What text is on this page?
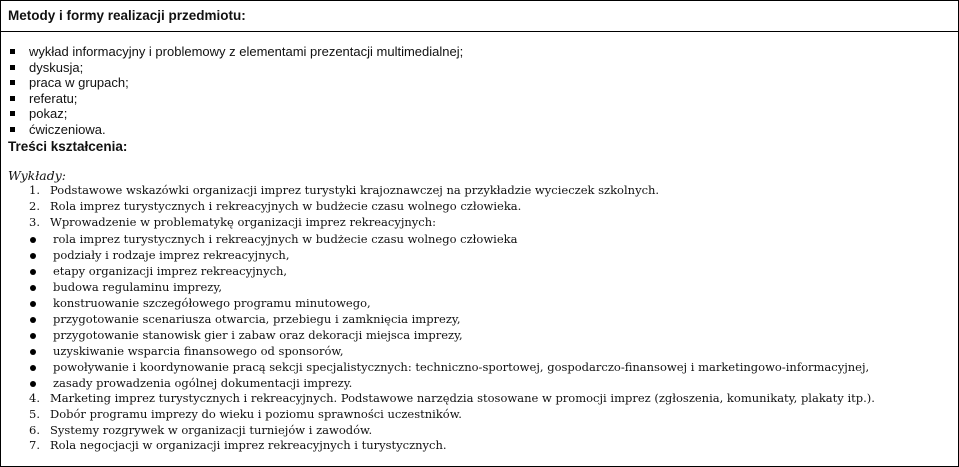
Metody i formy realizacji przedmiotu:
wykład informacyjny i problemowy z elementami prezentacji multimedialnej;
dyskusja;
praca w grupach;
referatu;
pokaz;
ćwiczeniowa.
Treści kształcenia:
Wykłady:
1. Podstawowe wskazówki organizacji imprez turystyki krajoznawczej na przykładzie wycieczek szkolnych.
2. Rola imprez turystycznych i rekreacyjnych w budżecie czasu wolnego człowieka.
3. Wprowadzenie w problematykę organizacji imprez rekreacyjnych:
rola imprez turystycznych i rekreacyjnych w budżecie czasu wolnego człowieka
podziały i rodzaje imprez rekreacyjnych,
etapy organizacji imprez rekreacyjnych,
budowa regulaminu imprezy,
konstruowanie szczegółowego programu minutowego,
przygotowanie scenariusza otwarcia, przebiegu i zamknięcia imprezy,
przygotowanie stanowisk gier i zabaw oraz dekoracji miejsca imprezy,
uzyskiwanie wsparcia finansowego od sponsorów,
powoływanie i koordynowanie pracą sekcji specjalistycznych: techniczno-sportowej, gospodarczo-finansowej i marketingowo-informacyjnej,
zasady prowadzenia ogólnej dokumentacji imprezy.
4. Marketing imprez turystycznych i rekreacyjnych. Podstawowe narzędzia stosowane w promocji imprez (zgłoszenia, komunikaty, plakaty itp.).
5. Dobór programu imprezy do wieku i poziomu sprawności uczestników.
6. Systemy rozgrywek w organizacji turniejów i zawodów.
7. Rola negocjacji w organizacji imprez rekreacyjnych i turystycznych.
